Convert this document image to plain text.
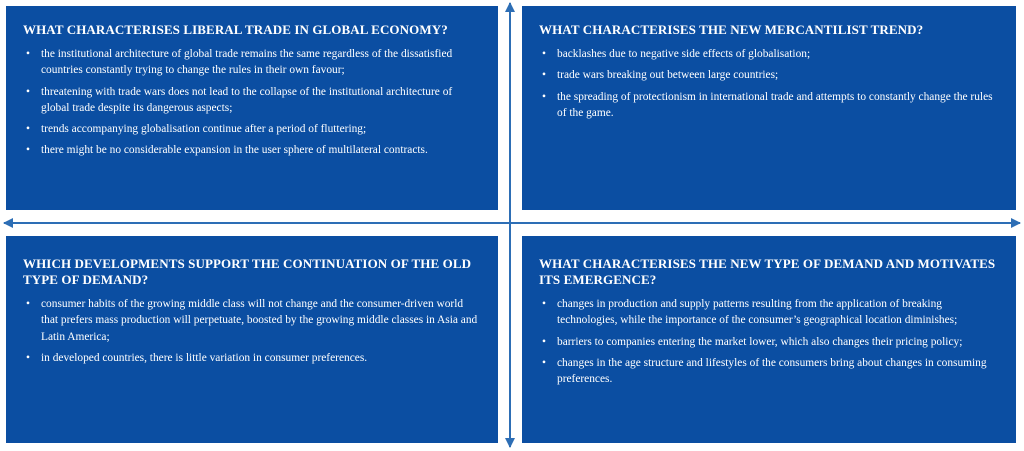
WHAT CHARACTERISES LIBERAL TRADE IN GLOBAL ECONOMY?
• the institutional architecture of global trade remains the same regardless of the dissatisfied countries constantly trying to change the rules in their own favour;
• threatening with trade wars does not lead to the collapse of the institutional architecture of global trade despite its dangerous aspects;
• trends accompanying globalisation continue after a period of fluttering;
• there might be no considerable expansion in the user sphere of multilateral contracts.
WHAT CHARACTERISES THE NEW MERCANTILIST TREND?
• backlashes due to negative side effects of globalisation;
• trade wars breaking out between large countries;
• the spreading of protectionism in international trade and attempts to constantly change the rules of the game.
WHICH DEVELOPMENTS SUPPORT THE CONTINUATION OF THE OLD TYPE OF DEMAND?
• consumer habits of the growing middle class will not change and the consumer-driven world that prefers mass production will perpetuate, boosted by the growing middle classes in Asia and Latin America;
• in developed countries, there is little variation in consumer preferences.
WHAT CHARACTERISES THE NEW TYPE OF DEMAND AND MOTIVATES ITS EMERGENCE?
• changes in production and supply patterns resulting from the application of breaking technologies, while the importance of the consumer’s geographical location diminishes;
• barriers to companies entering the market lower, which also changes their pricing policy;
• changes in the age structure and lifestyles of the consumers bring about changes in consuming preferences.
